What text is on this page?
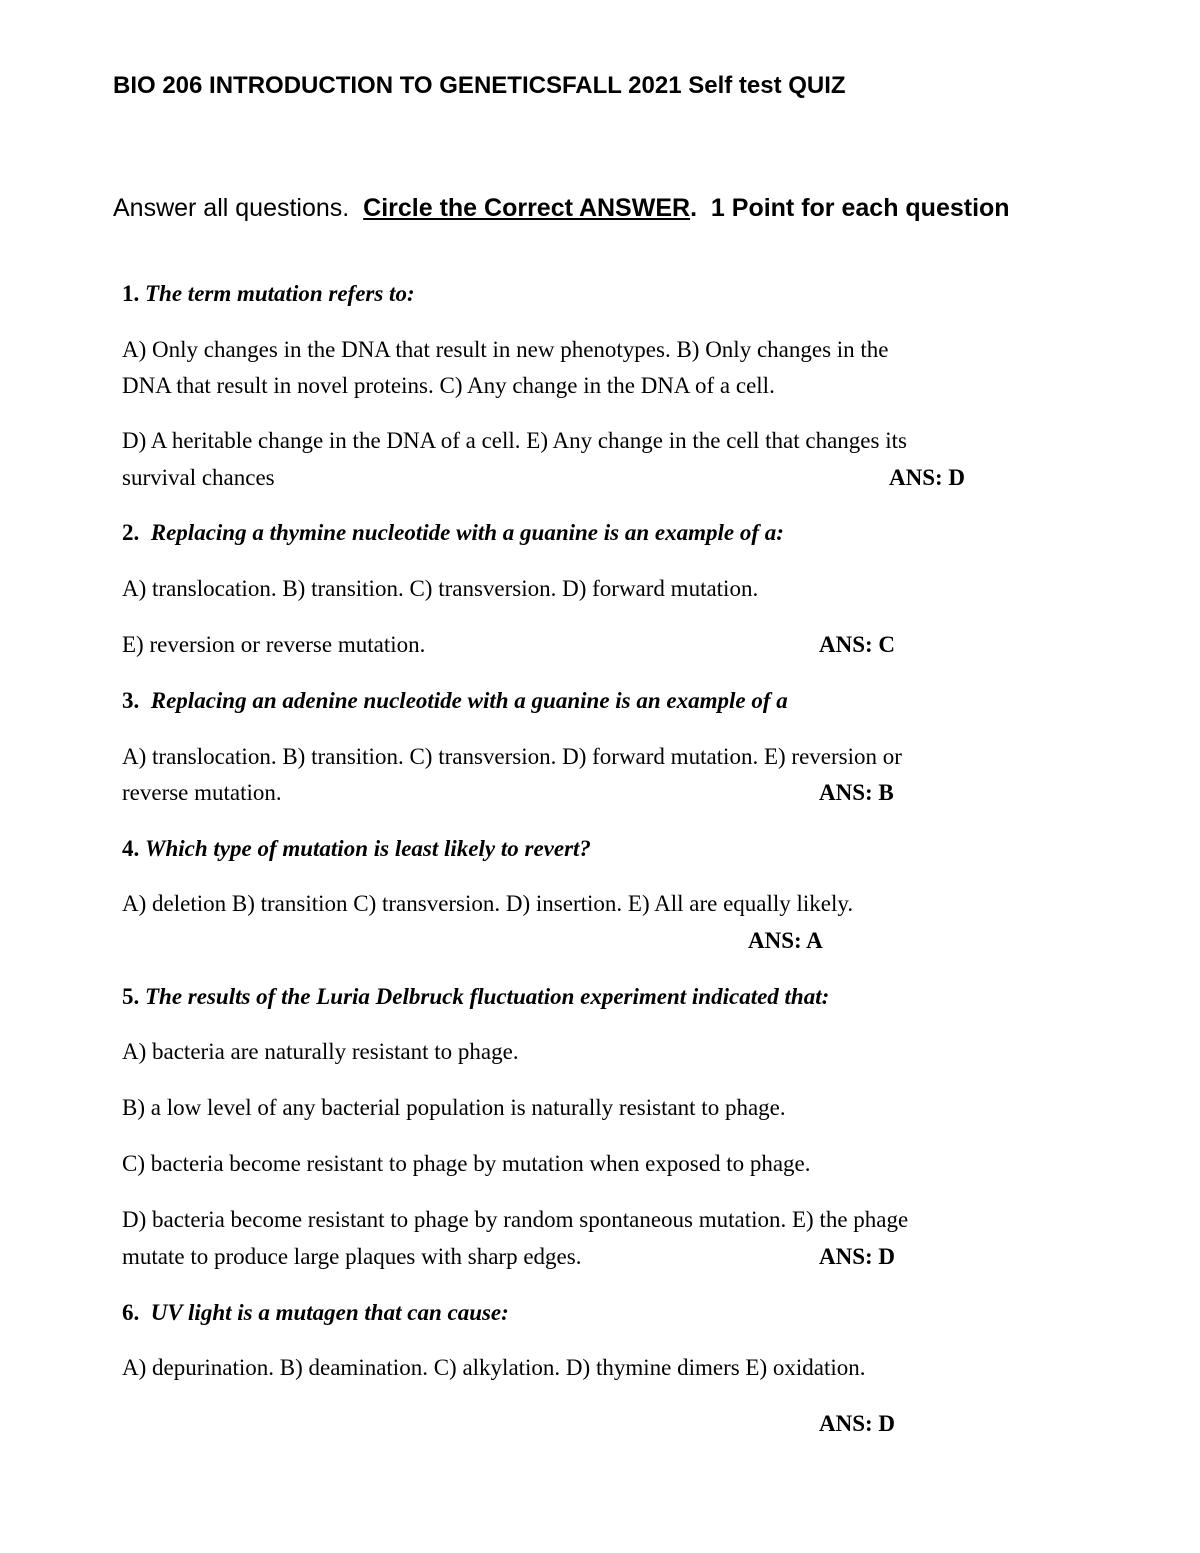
BIO 206 INTRODUCTION TO GENETICSFALL 2021 Self test QUIZ
Answer all questions. Circle the Correct ANSWER. 1 Point for each question
1. The term mutation refers to:
A) Only changes in the DNA that result in new phenotypes. B) Only changes in the
DNA that result in novel proteins. C) Any change in the DNA of a cell.
D) A heritable change in the DNA of a cell. E) Any change in the cell that changes its
survival chances	ANS: D
2. Replacing a thymine nucleotide with a guanine is an example of a:
A) translocation. B) transition. C) transversion. D) forward mutation.
E) reversion or reverse mutation.	ANS: C
3. Replacing an adenine nucleotide with a guanine is an example of a
A) translocation. B) transition. C) transversion. D) forward mutation. E) reversion or
reverse mutation.	ANS: B
4. Which type of mutation is least likely to revert?
A) deletion B) transition C) transversion. D) insertion. E) All are equally likely.
ANS: A
5. The results of the Luria Delbruck fluctuation experiment indicated that:
A) bacteria are naturally resistant to phage.
B) a low level of any bacterial population is naturally resistant to phage.
C) bacteria become resistant to phage by mutation when exposed to phage.
D) bacteria become resistant to phage by random spontaneous mutation. E) the phage
mutate to produce large plaques with sharp edges.	ANS: D
6. UV light is a mutagen that can cause:
A) depurination. B) deamination. C) alkylation. D) thymine dimers E) oxidation.
ANS: D
